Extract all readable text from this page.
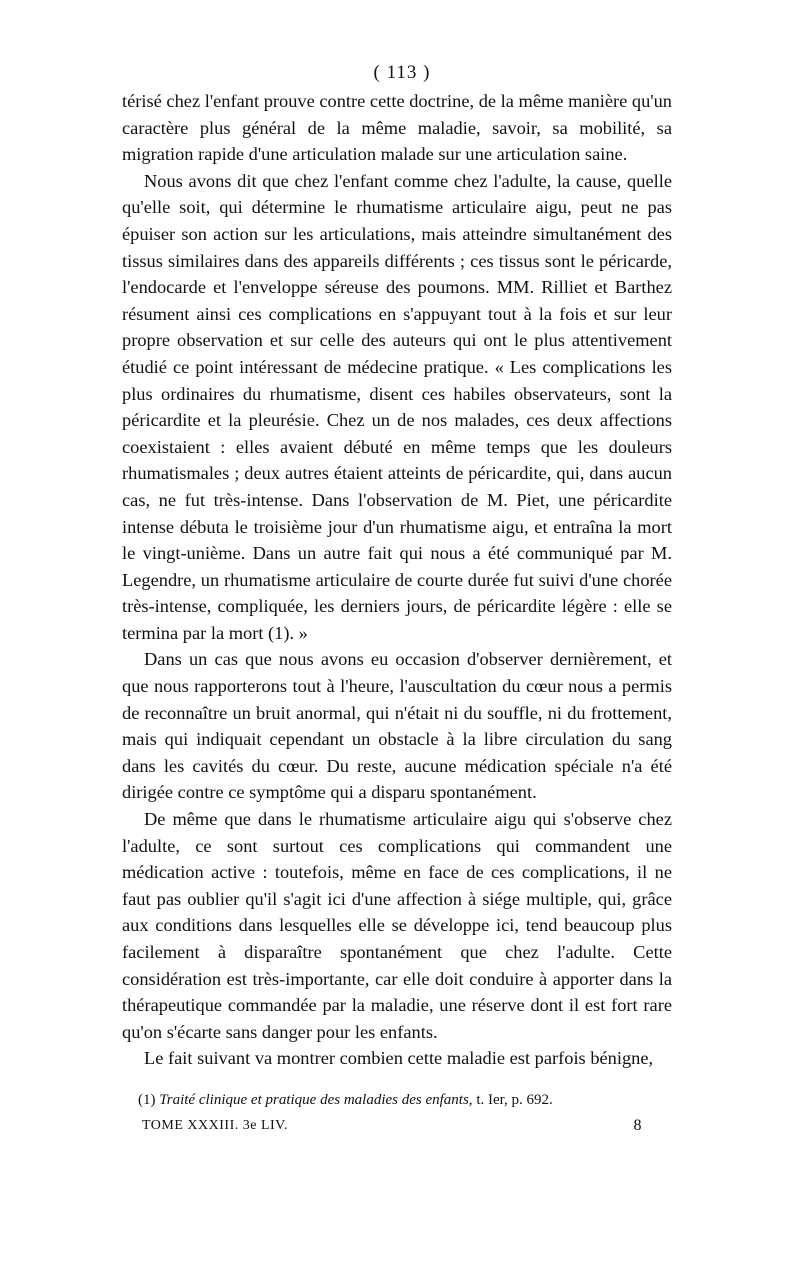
( 113 )

térisé chez l'enfant prouve contre cette doctrine, de la même manière qu'un caractère plus général de la même maladie, savoir, sa mobilité, sa migration rapide d'une articulation malade sur une articulation saine.

Nous avons dit que chez l'enfant comme chez l'adulte, la cause, quelle qu'elle soit, qui détermine le rhumatisme articulaire aigu, peut ne pas épuiser son action sur les articulations, mais atteindre simultanément des tissus similaires dans des appareils différents ; ces tissus sont le péricarde, l'endocarde et l'enveloppe séreuse des poumons. MM. Rilliet et Barthez résument ainsi ces complications en s'appuyant tout à la fois et sur leur propre observation et sur celle des auteurs qui ont le plus attentivement étudié ce point intéressant de médecine pratique. « Les complications les plus ordinaires du rhumatisme, disent ces habiles observateurs, sont la péricardite et la pleurésie. Chez un de nos malades, ces deux affections coexistaient : elles avaient débuté en même temps que les douleurs rhumatismales ; deux autres étaient atteints de péricardite, qui, dans aucun cas, ne fut très-intense. Dans l'observation de M. Piet, une péricardite intense débuta le troisième jour d'un rhumatisme aigu, et entraîna la mort le vingt-unième. Dans un autre fait qui nous a été communiqué par M. Legendre, un rhumatisme articulaire de courte durée fut suivi d'une chorée très-intense, compliquée, les derniers jours, de péricardite légère : elle se termina par la mort (1). »

Dans un cas que nous avons eu occasion d'observer dernièrement, et que nous rapporterons tout à l'heure, l'auscultation du cœur nous a permis de reconnaître un bruit anormal, qui n'était ni du souffle, ni du frottement, mais qui indiquait cependant un obstacle à la libre circulation du sang dans les cavités du cœur. Du reste, aucune médication spéciale n'a été dirigée contre ce symptôme qui a disparu spontanément.

De même que dans le rhumatisme articulaire aigu qui s'observe chez l'adulte, ce sont surtout ces complications qui commandent une médication active : toutefois, même en face de ces complications, il ne faut pas oublier qu'il s'agit ici d'une affection à siége multiple, qui, grâce aux conditions dans lesquelles elle se développe ici, tend beaucoup plus facilement à disparaître spontanément que chez l'adulte. Cette considération est très-importante, car elle doit conduire à apporter dans la thérapeutique commandée par la maladie, une réserve dont il est fort rare qu'on s'écarte sans danger pour les enfants.

Le fait suivant va montrer combien cette maladie est parfois bénigne,

(1) Traité clinique et pratique des maladies des enfants, t. Ier, p. 692.
TOME XXXIII. 3e LIV.	8
